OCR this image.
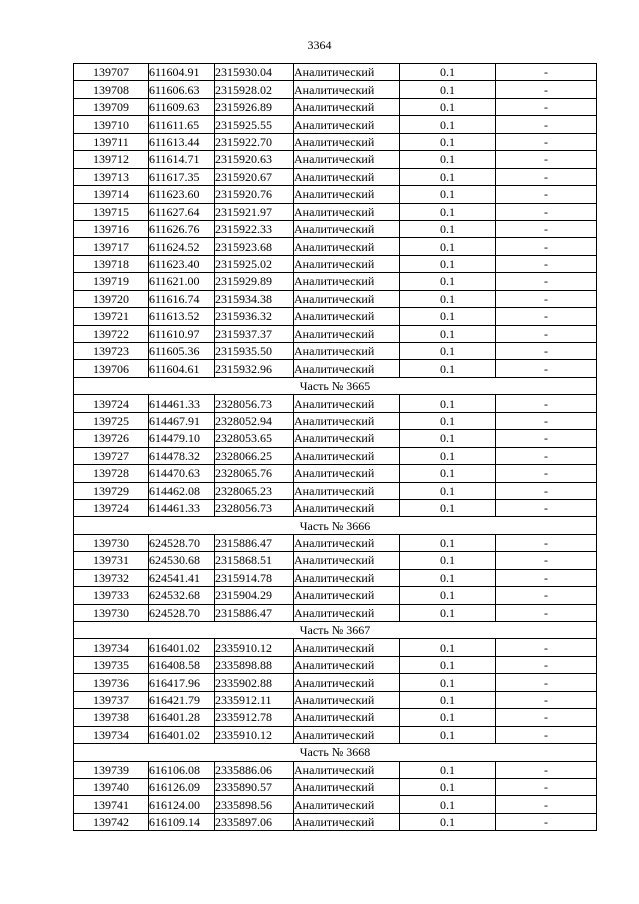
3364
139707	611604.91	2315930.04	Аналитический	0.1	-
139708	611606.63	2315928.02	Аналитический	0.1	-
139709	611609.63	2315926.89	Аналитический	0.1	-
139710	611611.65	2315925.55	Аналитический	0.1	-
139711	611613.44	2315922.70	Аналитический	0.1	-
139712	611614.71	2315920.63	Аналитический	0.1	-
139713	611617.35	2315920.67	Аналитический	0.1	-
139714	611623.60	2315920.76	Аналитический	0.1	-
139715	611627.64	2315921.97	Аналитический	0.1	-
139716	611626.76	2315922.33	Аналитический	0.1	-
139717	611624.52	2315923.68	Аналитический	0.1	-
139718	611623.40	2315925.02	Аналитический	0.1	-
139719	611621.00	2315929.89	Аналитический	0.1	-
139720	611616.74	2315934.38	Аналитический	0.1	-
139721	611613.52	2315936.32	Аналитический	0.1	-
139722	611610.97	2315937.37	Аналитический	0.1	-
139723	611605.36	2315935.50	Аналитический	0.1	-
139706	611604.61	2315932.96	Аналитический	0.1	-
Часть № 3665					
139724	614461.33	2328056.73	Аналитический	0.1	-
139725	614467.91	2328052.94	Аналитический	0.1	-
139726	614479.10	2328053.65	Аналитический	0.1	-
139727	614478.32	2328066.25	Аналитический	0.1	-
139728	614470.63	2328065.76	Аналитический	0.1	-
139729	614462.08	2328065.23	Аналитический	0.1	-
139724	614461.33	2328056.73	Аналитический	0.1	-
Часть № 3666					
139730	624528.70	2315886.47	Аналитический	0.1	-
139731	624530.68	2315868.51	Аналитический	0.1	-
139732	624541.41	2315914.78	Аналитический	0.1	-
139733	624532.68	2315904.29	Аналитический	0.1	-
139730	624528.70	2315886.47	Аналитический	0.1	-
Часть № 3667					
139734	616401.02	2335910.12	Аналитический	0.1	-
139735	616408.58	2335898.88	Аналитический	0.1	-
139736	616417.96	2335902.88	Аналитический	0.1	-
139737	616421.79	2335912.11	Аналитический	0.1	-
139738	616401.28	2335912.78	Аналитический	0.1	-
139734	616401.02	2335910.12	Аналитический	0.1	-
Часть № 3668					
139739	616106.08	2335886.06	Аналитический	0.1	-
139740	616126.09	2335890.57	Аналитический	0.1	-
139741	616124.00	2335898.56	Аналитический	0.1	-
139742	616109.14	2335897.06	Аналитический	0.1	-
